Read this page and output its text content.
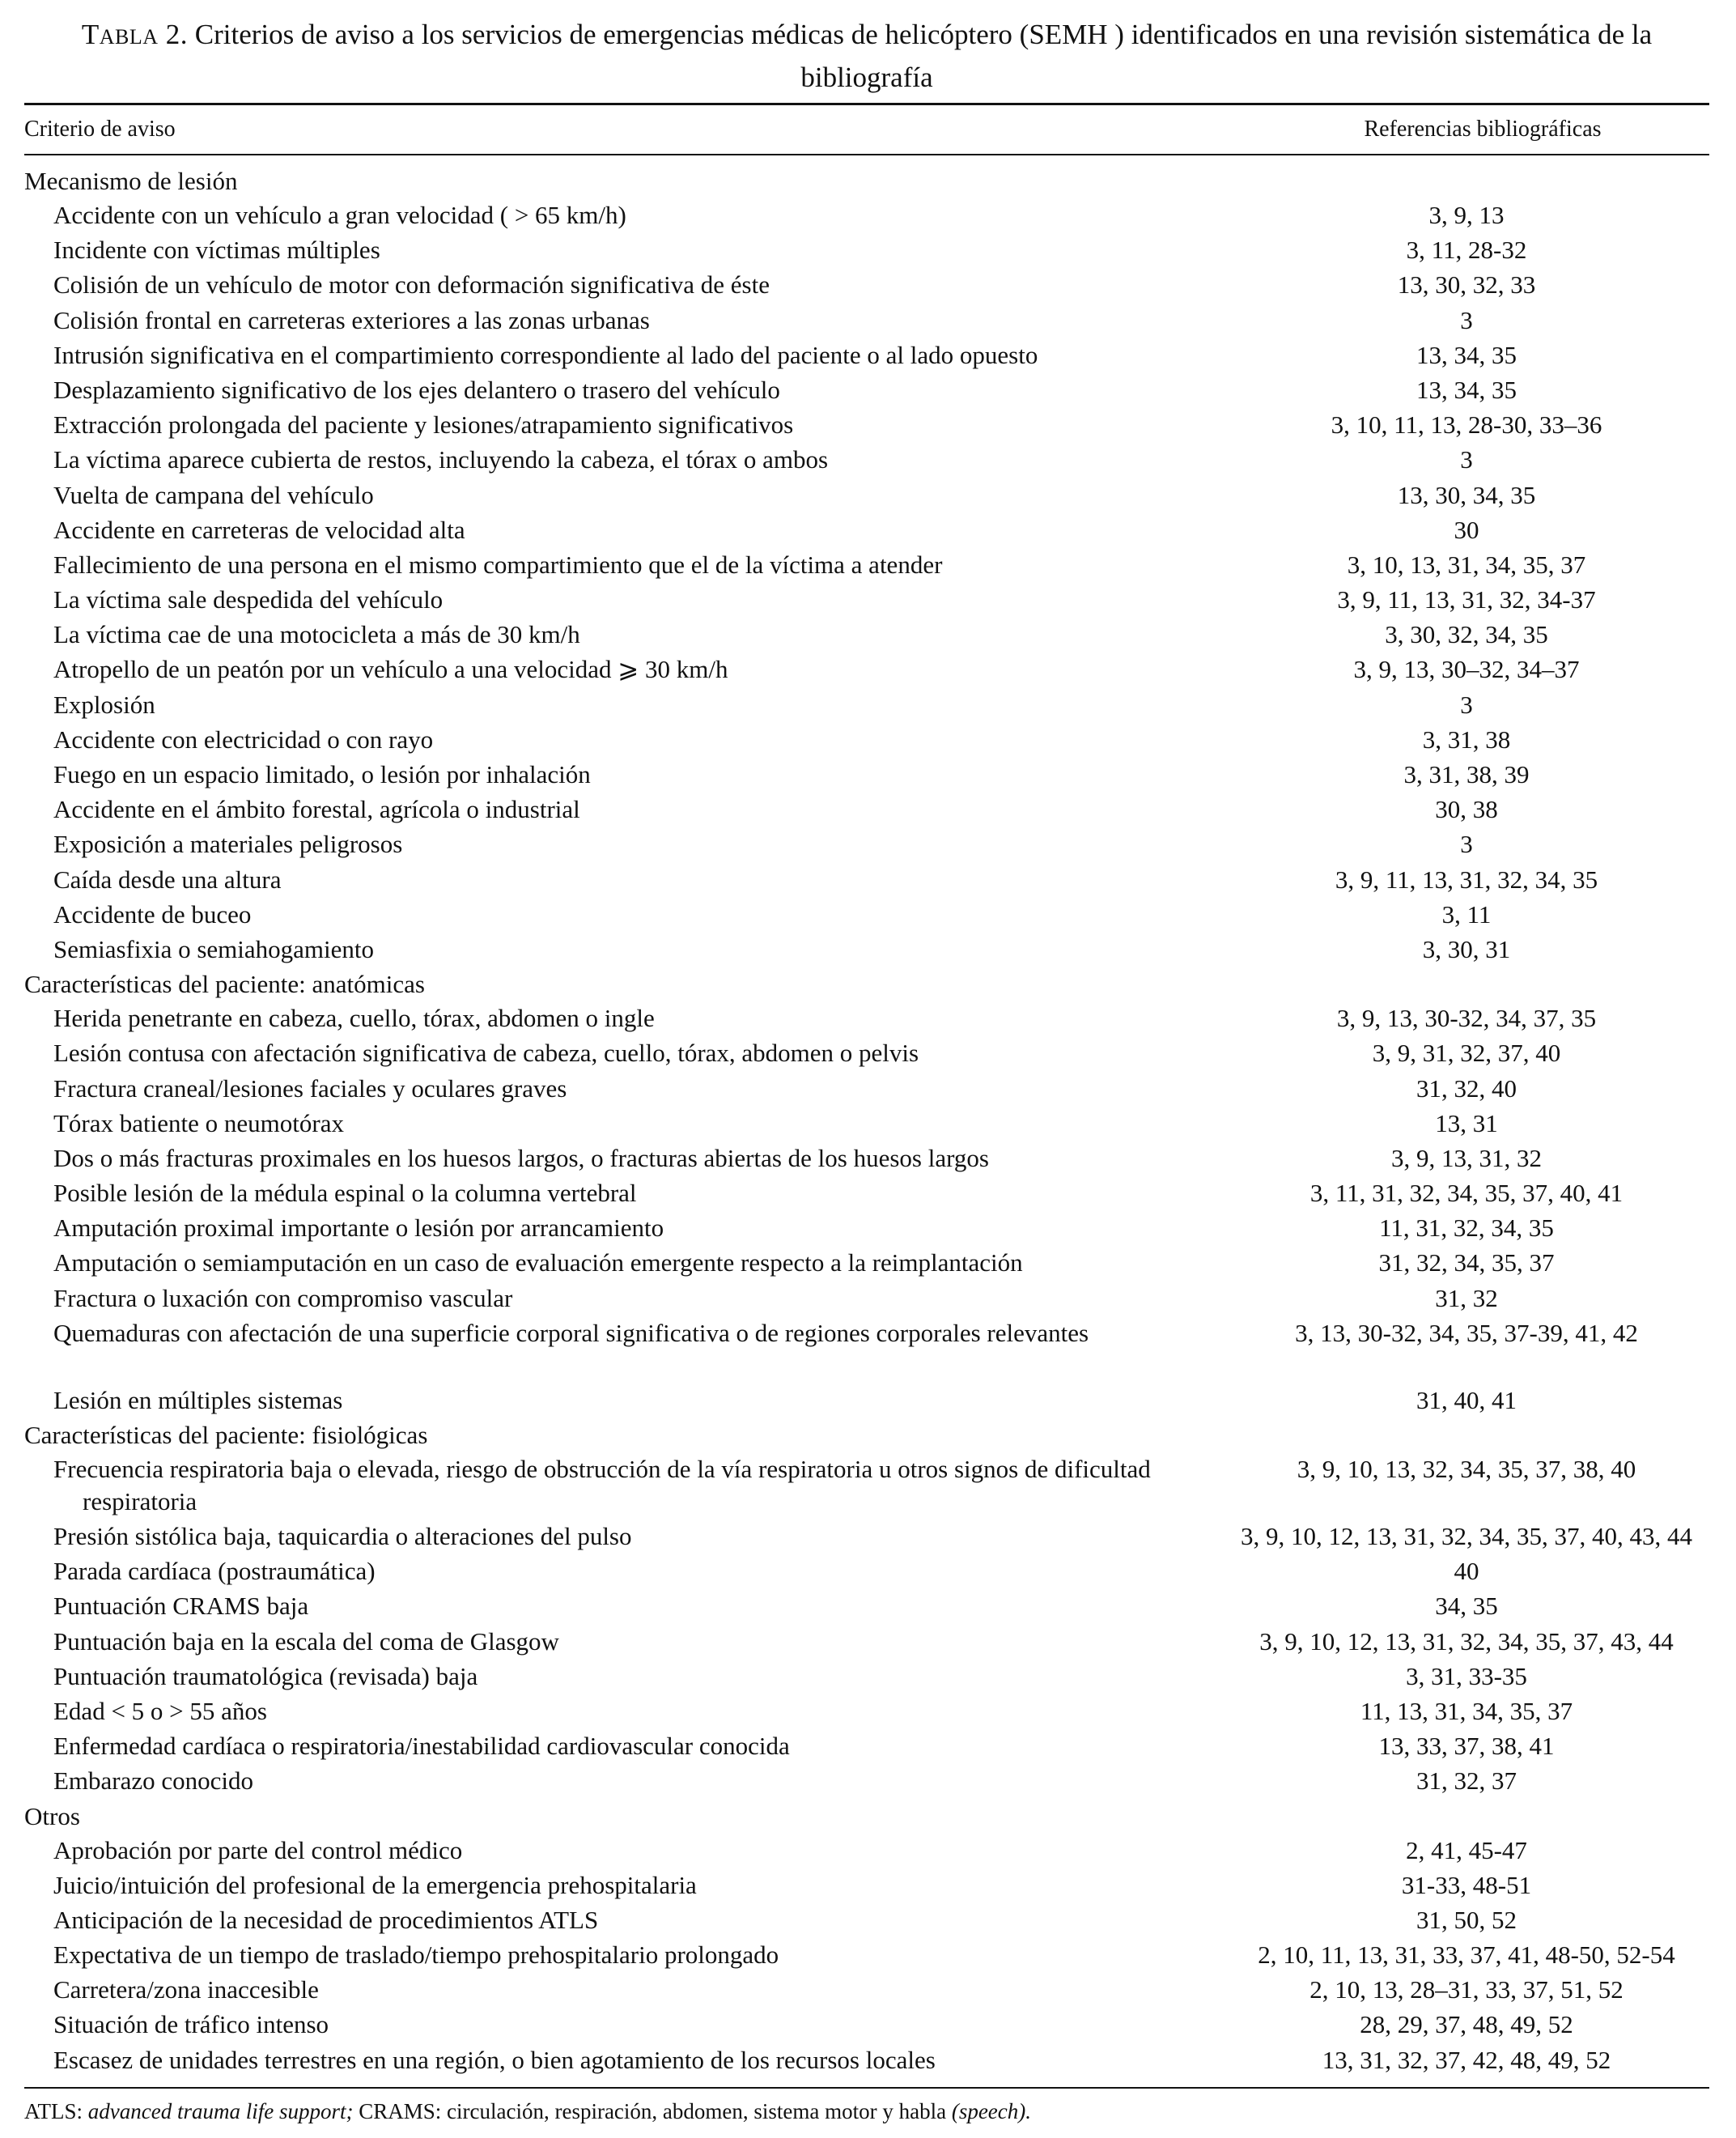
TABLA 2. Criterios de aviso a los servicios de emergencias médicas de helicóptero (SEMH ) identificados en una revisión sistemática de la bibliografía

Criterio de aviso	Referencias bibliográficas
Mecanismo de lesión
Accidente con un vehículo a gran velocidad ( > 65 km/h)	3, 9, 13
Incidente con víctimas múltiples	3, 11, 28-32
Colisión de un vehículo de motor con deformación significativa de éste	13, 30, 32, 33
Colisión frontal en carreteras exteriores a las zonas urbanas	3
Intrusión significativa en el compartimiento correspondiente al lado del paciente o al lado opuesto	13, 34, 35
Desplazamiento significativo de los ejes delantero o trasero del vehículo	13, 34, 35
Extracción prolongada del paciente y lesiones/atrapamiento significativos	3, 10, 11, 13, 28-30, 33–36
La víctima aparece cubierta de restos, incluyendo la cabeza, el tórax o ambos	3
Vuelta de campana del vehículo	13, 30, 34, 35
Accidente en carreteras de velocidad alta	30
Fallecimiento de una persona en el mismo compartimiento que el de la víctima a atender	3, 10, 13, 31, 34, 35, 37
La víctima sale despedida del vehículo	3, 9, 11, 13, 31, 32, 34-37
La víctima cae de una motocicleta a más de 30 km/h	3, 30, 32, 34, 35
Atropello de un peatón por un vehículo a una velocidad ⩾ 30 km/h	3, 9, 13, 30–32, 34–37
Explosión	3
Accidente con electricidad o con rayo	3, 31, 38
Fuego en un espacio limitado, o lesión por inhalación	3, 31, 38, 39
Accidente en el ámbito forestal, agrícola o industrial	30, 38
Exposición a materiales peligrosos	3
Caída desde una altura	3, 9, 11, 13, 31, 32, 34, 35
Accidente de buceo	3, 11
Semiasfixia o semiahogamiento	3, 30, 31
Características del paciente: anatómicas
Herida penetrante en cabeza, cuello, tórax, abdomen o ingle	3, 9, 13, 30-32, 34, 37, 35
Lesión contusa con afectación significativa de cabeza, cuello, tórax, abdomen o pelvis	3, 9, 31, 32, 37, 40
Fractura craneal/lesiones faciales y oculares graves	31, 32, 40
Tórax batiente o neumotórax	13, 31
Dos o más fracturas proximales en los huesos largos, o fracturas abiertas de los huesos largos	3, 9, 13, 31, 32
Posible lesión de la médula espinal o la columna vertebral	3, 11, 31, 32, 34, 35, 37, 40, 41
Amputación proximal importante o lesión por arrancamiento	11, 31, 32, 34, 35
Amputación o semiamputación en un caso de evaluación emergente respecto a la reimplantación	31, 32, 34, 35, 37
Fractura o luxación con compromiso vascular	31, 32
Quemaduras con afectación de una superficie corporal significativa o de regiones corporales relevantes	3, 13, 30-32, 34, 35, 37-39, 41, 42
Lesión en múltiples sistemas	31, 40, 41
Características del paciente: fisiológicas
Frecuencia respiratoria baja o elevada, riesgo de obstrucción de la vía respiratoria u otros signos de dificultad respiratoria
3, 9, 10, 13, 32, 34, 35, 37, 38, 40
Presión sistólica baja, taquicardia o alteraciones del pulso	3, 9, 10, 12, 13, 31, 32, 34, 35, 37, 40, 43, 44
Parada cardíaca (postraumática)	40
Puntuación CRAMS baja	34, 35
Puntuación baja en la escala del coma de Glasgow	3, 9, 10, 12, 13, 31, 32, 34, 35, 37, 43, 44
Puntuación traumatológica (revisada) baja	3, 31, 33-35
Edad < 5 o > 55 años	11, 13, 31, 34, 35, 37
Enfermedad cardíaca o respiratoria/inestabilidad cardiovascular conocida	13, 33, 37, 38, 41
Embarazo conocido	31, 32, 37
Otros
Aprobación por parte del control médico	2, 41, 45-47
Juicio/intuición del profesional de la emergencia prehospitalaria	31-33, 48-51
Anticipación de la necesidad de procedimientos ATLS	31, 50, 52
Expectativa de un tiempo de traslado/tiempo prehospitalario prolongado	2, 10, 11, 13, 31, 33, 37, 41, 48-50, 52-54
Carretera/zona inaccesible	2, 10, 13, 28–31, 33, 37, 51, 52
Situación de tráfico intenso	28, 29, 37, 48, 49, 52
Escasez de unidades terrestres en una región, o bien agotamiento de los recursos locales	13, 31, 32, 37, 42, 48, 49, 52
ATLS: advanced trauma life support; CRAMS: circulación, respiración, abdomen, sistema motor y habla (speech).
